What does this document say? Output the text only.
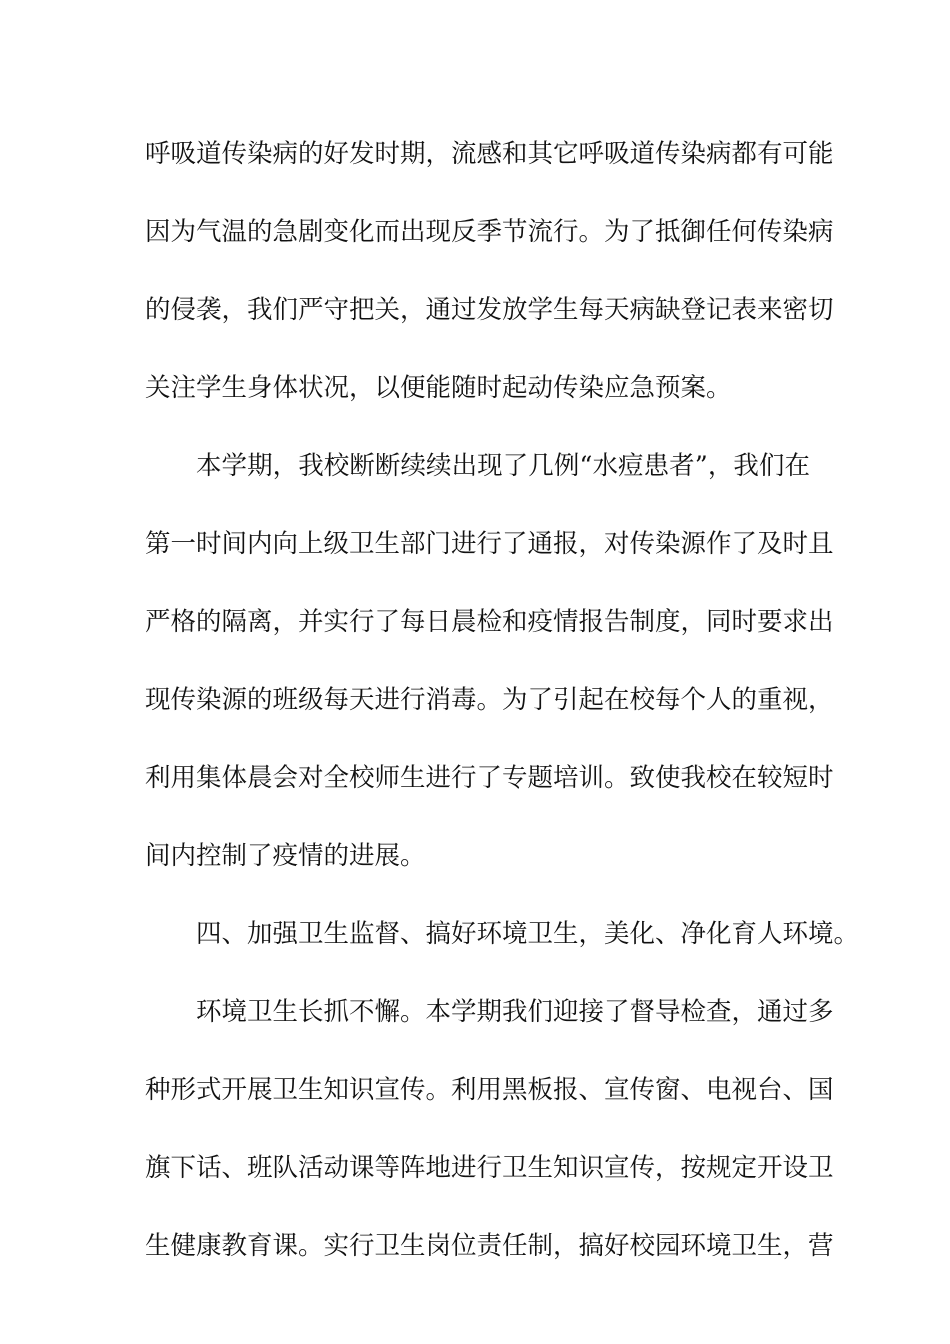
呼吸道传染病的好发时期，流感和其它呼吸道传染病都有可能
因为气温的急剧变化而出现反季节流行。为了抵御任何传染病
的侵袭，我们严守把关，通过发放学生每天病缺登记表来密切
关注学生身体状况，以便能随时起动传染应急预案。
本学期，我校断断续续出现了几例“水痘患者”，我们在
第一时间内向上级卫生部门进行了通报，对传染源作了及时且
严格的隔离，并实行了每日晨检和疫情报告制度，同时要求出
现传染源的班级每天进行消毒。为了引起在校每个人的重视，
利用集体晨会对全校师生进行了专题培训。致使我校在较短时
间内控制了疫情的进展。
四、加强卫生监督、搞好环境卫生，美化、净化育人环境。
环境卫生长抓不懈。本学期我们迎接了督导检查，通过多
种形式开展卫生知识宣传。利用黑板报、宣传窗、电视台、国
旗下话、班队活动课等阵地进行卫生知识宣传，按规定开设卫
生健康教育课。实行卫生岗位责任制，搞好校园环境卫生，营
